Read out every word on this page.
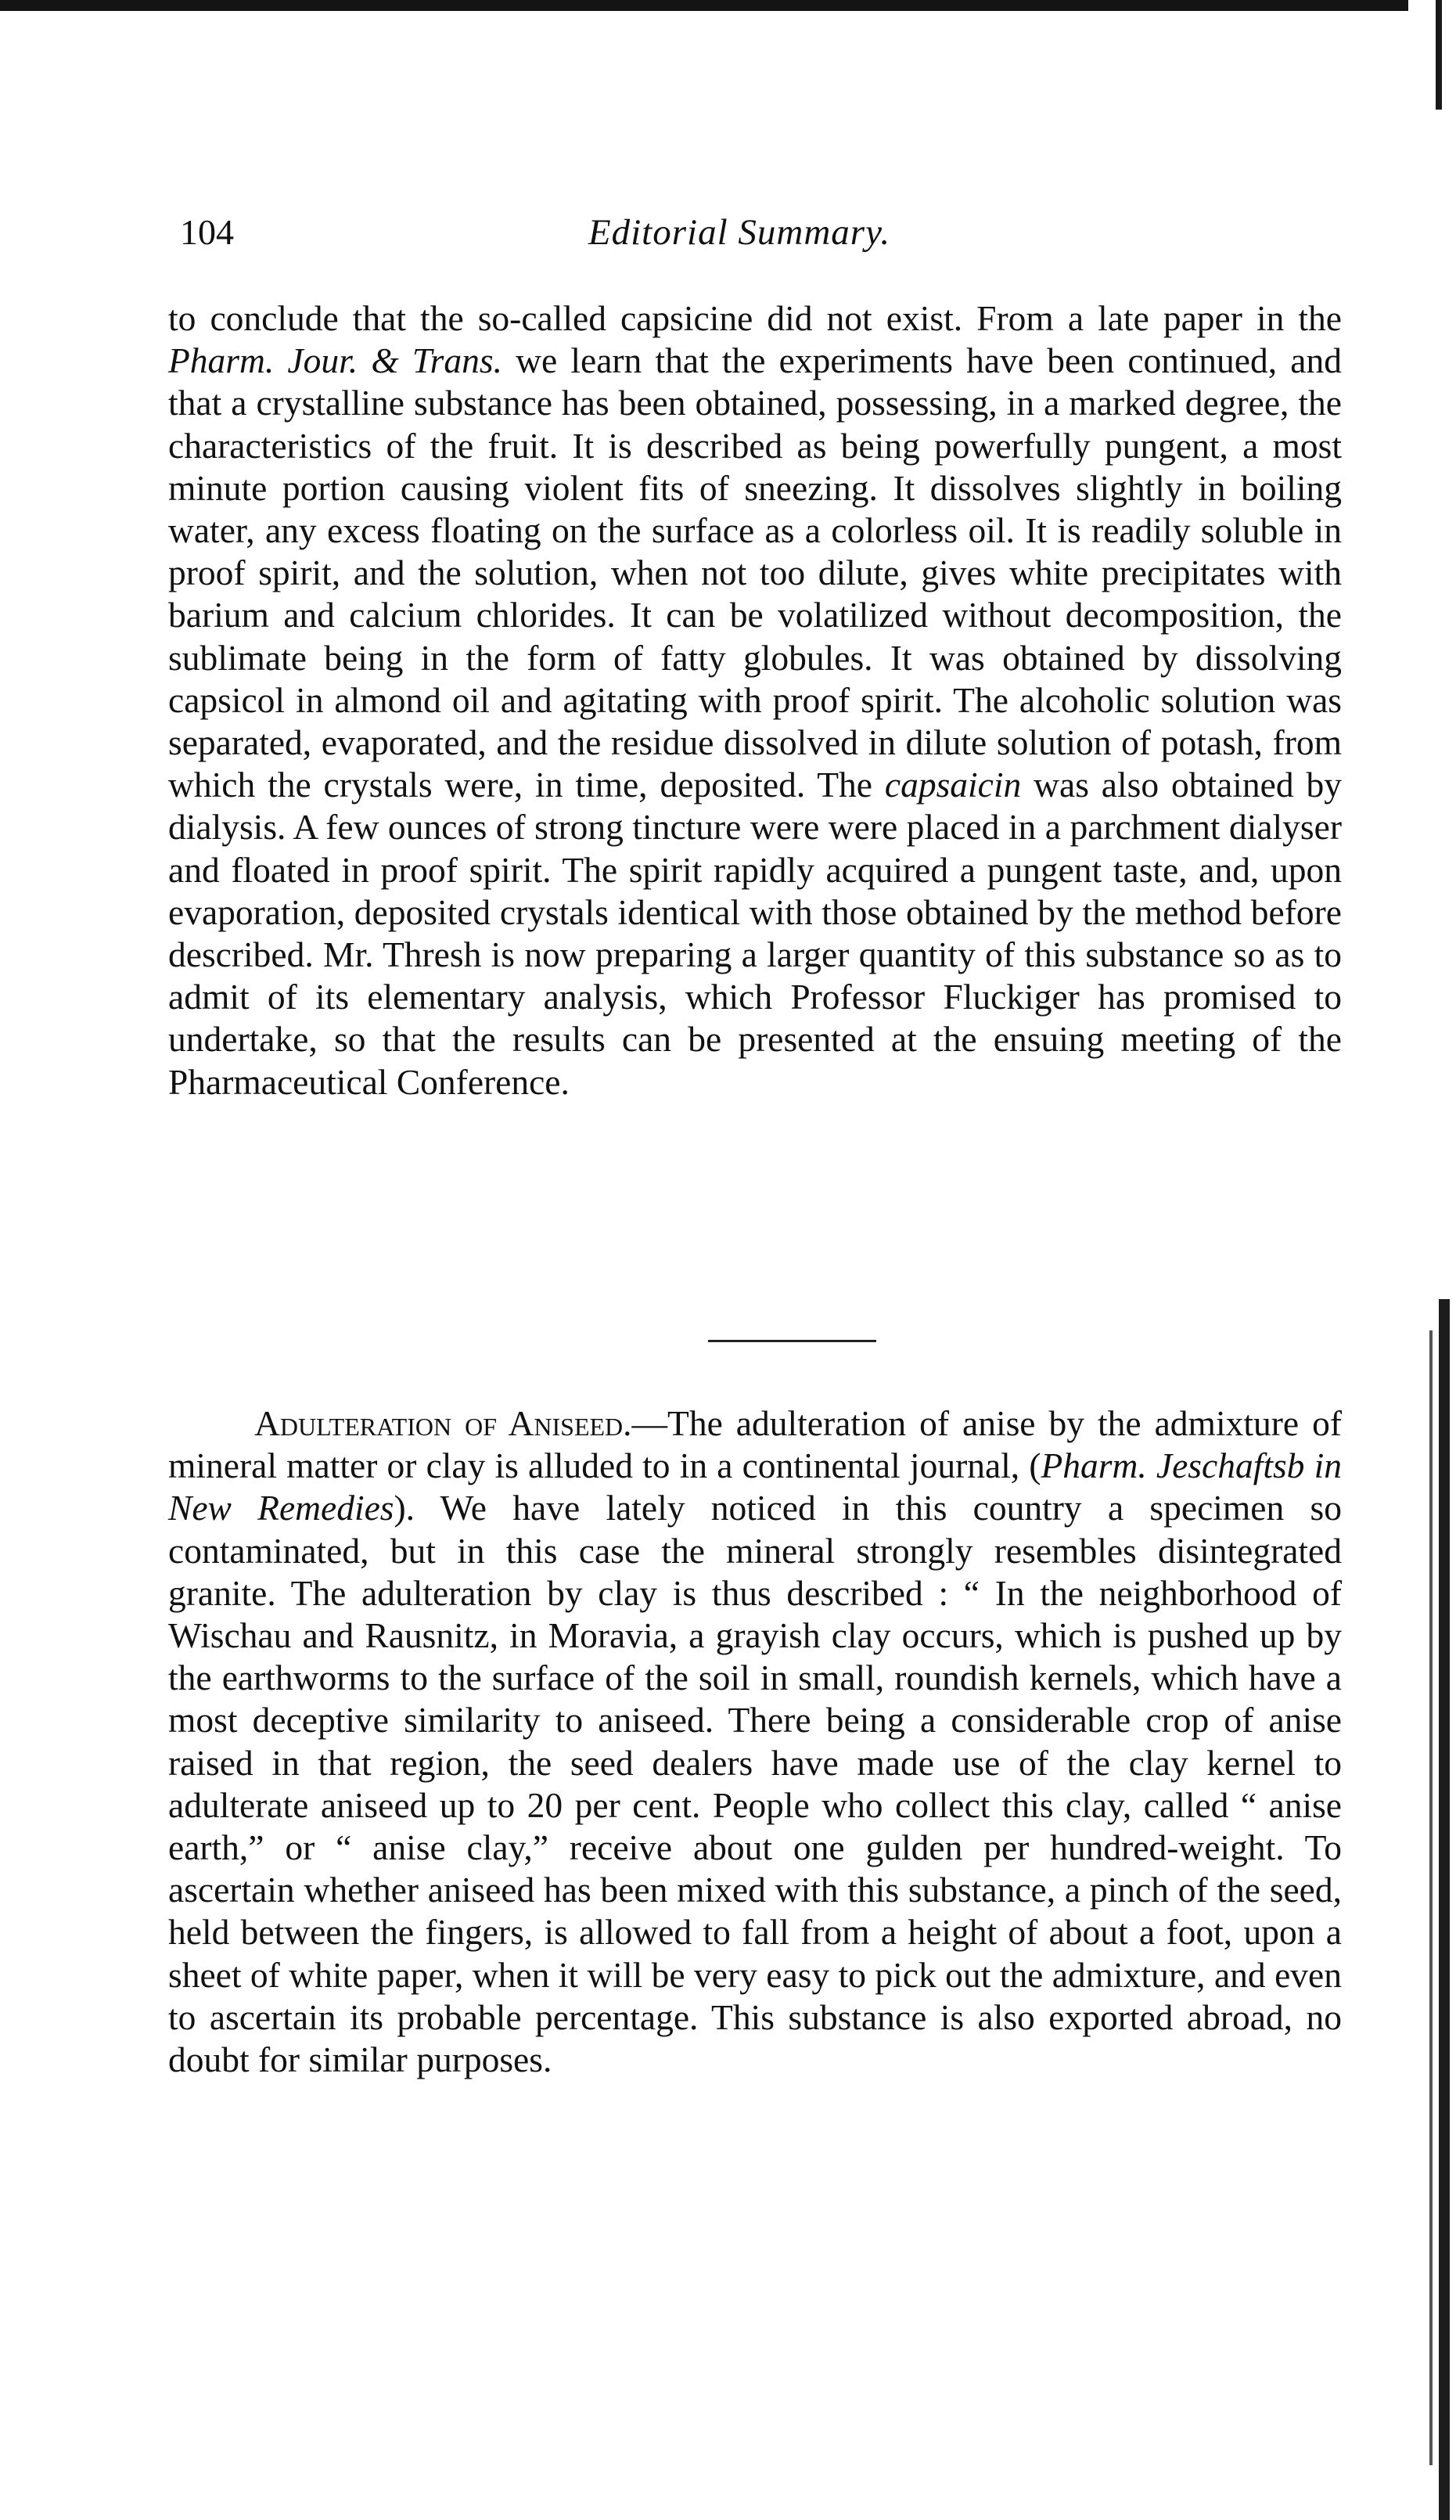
104	Editorial Summary.

to conclude that the so-called capsicine did not exist. From a late paper in the Pharm. Jour. & Trans. we learn that the experiments have been continued, and that a crystalline substance has been obtained, possessing, in a marked degree, the characteristics of the fruit. It is described as being powerfully pungent, a most minute portion causing violent fits of sneezing. It dissolves slightly in boiling water, any excess floating on the surface as a colorless oil. It is readily soluble in proof spirit, and the solution, when not too dilute, gives white precipitates with barium and calcium chlorides. It can be volatilized without decomposition, the sublimate being in the form of fatty globules. It was obtained by dissolving capsicol in almond oil and agitating with proof spirit. The alcoholic solution was separated, evaporated, and the residue dissolved in dilute solution of potash, from which the crystals were, in time, deposited. The capsaicin was also obtained by dialysis. A few ounces of strong tincture were were placed in a parchment dialyser and floated in proof spirit. The spirit rapidly acquired a pungent taste, and, upon evaporation, deposited crystals identical with those obtained by the method before described. Mr. Thresh is now preparing a larger quantity of this substance so as to admit of its elementary analysis, which Professor Fluckiger has promised to undertake, so that the results can be presented at the ensuing meeting of the Pharmaceutical Conference.

Adulteration of Aniseed.—The adulteration of anise by the admixture of mineral matter or clay is alluded to in a continental journal, (Pharm. Jeschaftsb in New Remedies). We have lately noticed in this country a specimen so contaminated, but in this case the mineral strongly resembles disintegrated granite. The adulteration by clay is thus described : “ In the neighborhood of Wischau and Rausnitz, in Moravia, a grayish clay occurs, which is pushed up by the earthworms to the surface of the soil in small, roundish kernels, which have a most deceptive similarity to aniseed. There being a considerable crop of anise raised in that region, the seed dealers have made use of the clay kernel to adulterate aniseed up to 20 per cent. People who collect this clay, called “ anise earth,” or “ anise clay,” receive about one gulden per hundred-weight. To ascertain whether aniseed has been mixed with this substance, a pinch of the seed, held between the fingers, is allowed to fall from a height of about a foot, upon a sheet of white paper, when it will be very easy to pick out the admixture, and even to ascertain its probable percentage. This substance is also exported abroad, no doubt for similar purposes.
